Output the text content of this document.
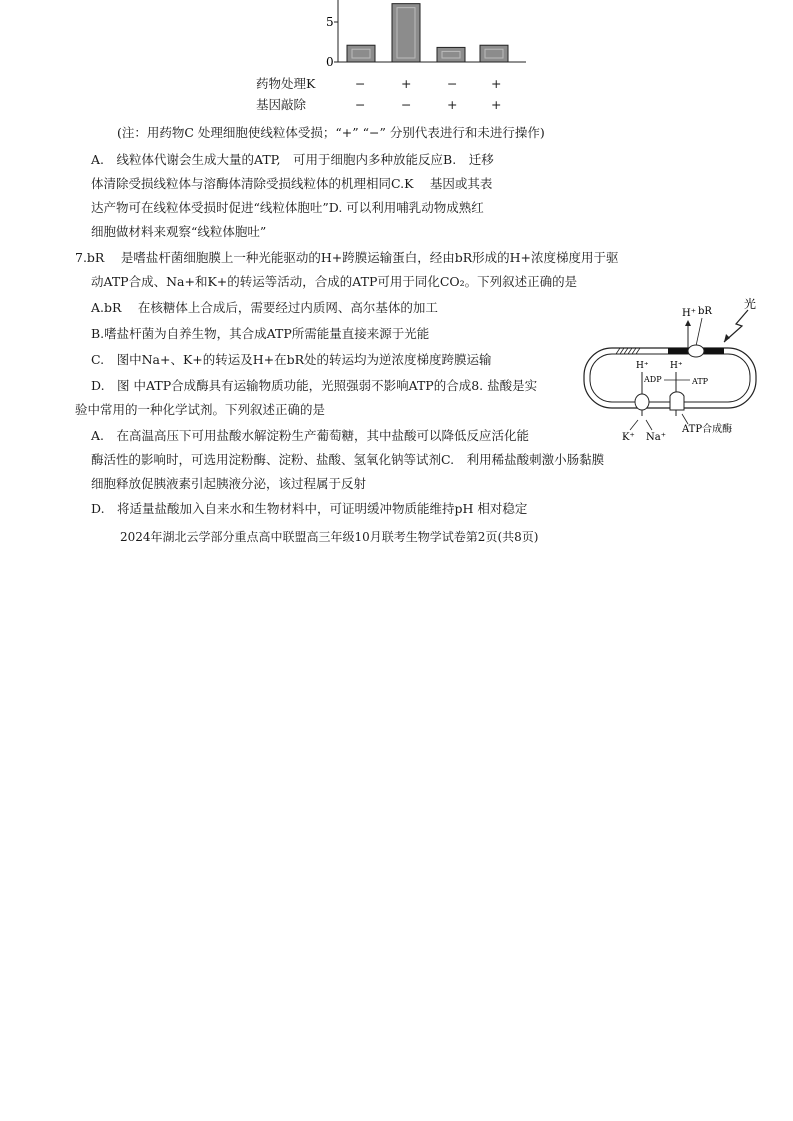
5
0
药物处理K	−	+	−	+
基因敲除	−	−	+	+
(注：用药物C 处理细胞使线粒体受损；“+” “−” 分别代表进行和未进行操作)
A.　线粒体代谢会生成大量的ATP,　可用于细胞内多种放能反应B.　迁移
体清除受损线粒体与溶酶体清除受损线粒体的机理相同C.K　 基因或其表
达产物可在线粒体受损时促进“线粒体胞吐”D. 可以利用哺乳动物成熟红
细胞做材料来观察“线粒体胞吐”
7.bR　 是嗜盐杆菌细胞膜上一种光能驱动的H+跨膜运输蛋白，经由bR形成的H+浓度梯度用于驱
动ATP合成、Na+和K+的转运等活动，合成的ATP可用于同化CO₂。下列叙述正确的是
A.bR　 在核糖体上合成后，需要经过内质网、高尔基体的加工
B.嗜盐杆菌为自养生物，其合成ATP所需能量直接来源于光能
C.　图中Na+、K+的转运及H+在bR处的转运均为逆浓度梯度跨膜运输
D.　图 中ATP合成酶具有运输物质功能，光照强弱不影响ATP的合成8. 盐酸是实
验中常用的一种化学试剂。下列叙述正确的是
A.　在高温高压下可用盐酸水解淀粉生产葡萄糖，其中盐酸可以降低反应活化能
酶活性的影响时，可选用淀粉酶、淀粉、盐酸、氢氧化钠等试剂C.　利用稀盐酸刺激小肠黏膜
细胞释放促胰液素引起胰液分泌，该过程属于反射
D.　将适量盐酸加入自来水和生物材料中，可证明缓冲物质能维持pH 相对稳定
2024年湖北云学部分重点高中联盟高三年级10月联考生物学试卷第2页(共8页)
光
H⁺ bR
H⁺ H⁺
ADP	ATP
K⁺ Na⁺
ATP合成酶
